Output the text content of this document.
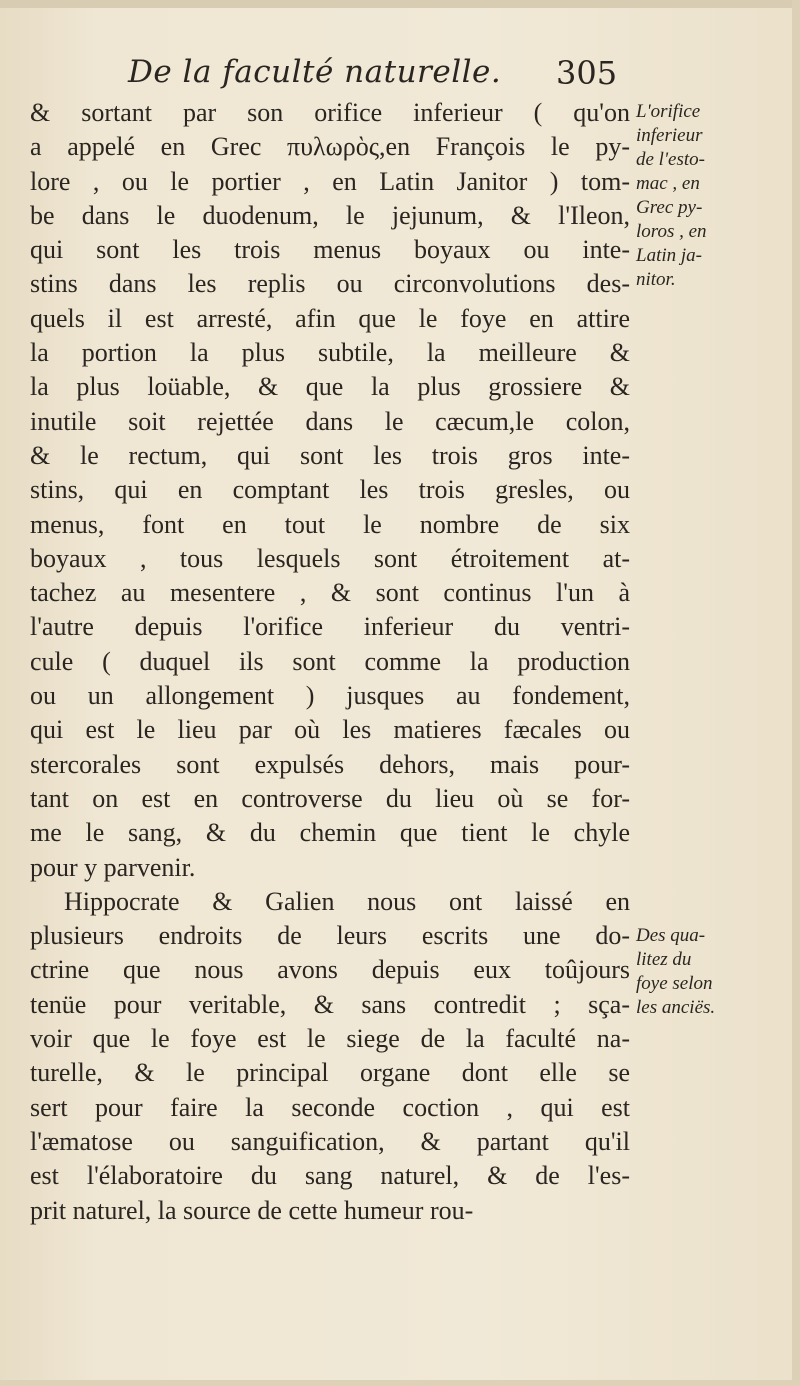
De la faculté naturelle. 305
& sortant par son orifice inferieur ( qu'on
a appelé en Grec πυλωρὸς,en François le py-
lore , ou le portier , en Latin Janitor ) tom-
be dans le duodenum, le jejunum, & l'Ileon,
qui sont les trois menus boyaux ou inte-
stins dans les replis ou circonvolutions des-
quels il est arresté, afin que le foye en attire
la portion la plus subtile, la meilleure &
la plus loüable, & que la plus grossiere &
inutile soit rejettée dans le cæcum,le colon,
& le rectum, qui sont les trois gros inte-
stins, qui en comptant les trois gresles, ou
menus, font en tout le nombre de six
boyaux , tous lesquels sont étroitement at-
tachez au mesentere , & sont continus l'un à
l'autre depuis l'orifice inferieur du ventri-
cule ( duquel ils sont comme la production
ou un allongement ) jusques au fondement,
qui est le lieu par où les matieres fæcales ou
stercorales sont expulsés dehors, mais pour-
tant on est en controverse du lieu où se for-
me le sang, & du chemin que tient le chyle
pour y parvenir.
Hippocrate & Galien nous ont laissé en
plusieurs endroits de leurs escrits une do-
ctrine que nous avons depuis eux toûjours
tenüe pour veritable, & sans contredit ; sça-
voir que le foye est le siege de la faculté na-
turelle, & le principal organe dont elle se
sert pour faire la seconde coction , qui est
l'æmatose ou sanguification, & partant qu'il
est l'élaboratoire du sang naturel, & de l'es-
prit naturel, la source de cette humeur rou-
L'orifice
inferieur
de l'esto-
mac , en
Grec py-
loros , en
Latin ja-
nitor.
Des qua-
litez du
foye selon
les anciës.
